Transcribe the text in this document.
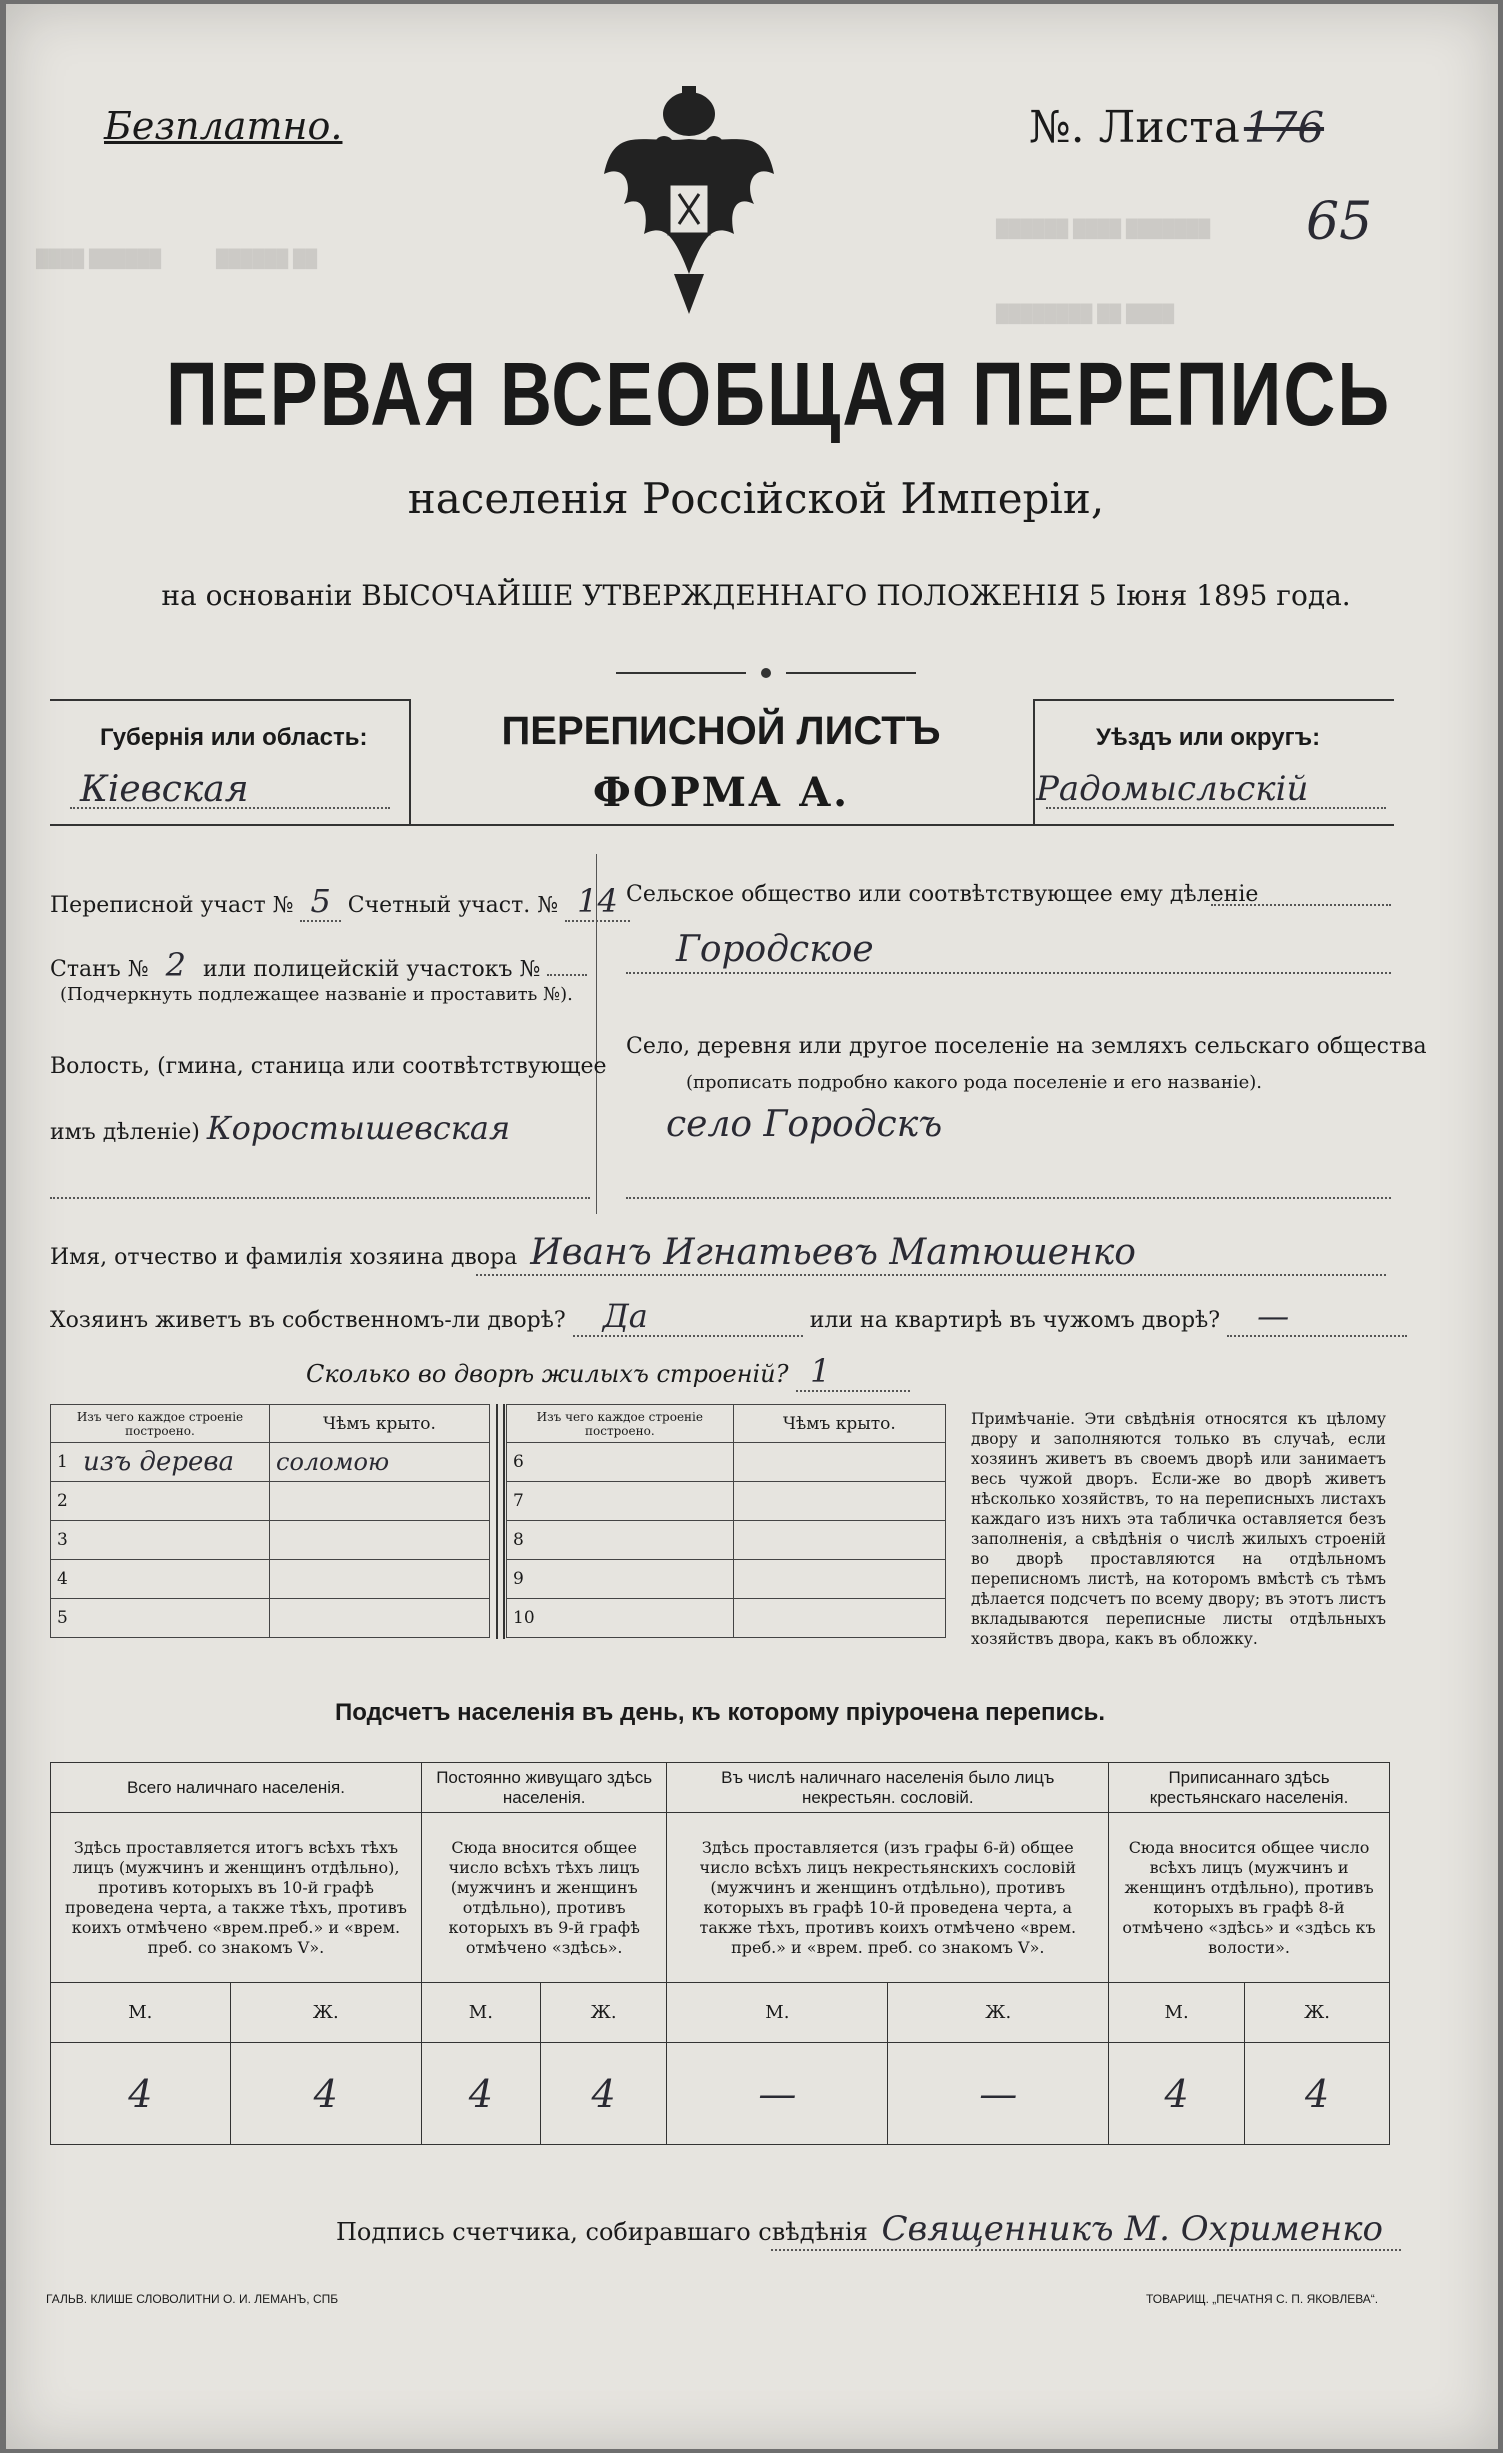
███████ ████ ██████
████ ██ ████████
██████ ████	██ ██████
Безплатно.	№. Листа176
65
ПЕРВАЯ ВСЕОБЩАЯ ПЕРЕПИСЬ
населенія Россійской Имперіи,
на основаніи ВЫСОЧАЙШЕ УТВЕРЖДЕННАГО ПОЛОЖЕНІЯ 5 Іюня 1895 года.
Губернія или область:
Кіевская
ПЕРЕПИСНОЙ ЛИСТЪ
ФОРМА А.
Уѣздъ или округъ:
Радомысльскій
Переписной участ № 5 Счетный участ. № 14
Станъ № 2 или полицейскій участокъ №
(Подчеркнуть подлежащее названіе и проставить №).
Волость, (гмина, станица или соотвѣтствующее
имъ дѣленіе) Коростышевская
Сельское общество или соотвѣтствующее ему дѣленіе
Городское
Село, деревня или другое поселеніе на земляхъ сельскаго общества
(прописать подробно какого рода поселеніе и его названіе).
село Городскъ
Имя, отчество и фамилія хозяина двора Иванъ Игнатьевъ Матюшенко
Хозяинъ живетъ въ собственномъ-ли дворѣ? Да	или на квартирѣ въ чужомъ дворѣ? —
Сколько во дворѣ жилыхъ строеній? 1
Изъ чего каждое строеніе построено.		Чѣмъ крыто.
1	изъ дерева	соломою
2		
3		
4		
5		
Изъ чего каждое строеніе построено.		Чѣмъ крыто.
6		
7		
8		
9		
10		
Примѣчаніе. Эти свѣдѣнія относятся къ цѣлому двору и заполняются только въ случаѣ, если хозяинъ живетъ въ своемъ дворѣ или занимаетъ весь чужой дворъ. Если-же во дворѣ живетъ нѣсколько хозяйствъ, то на переписныхъ листахъ каждаго изъ нихъ эта табличка оставляется безъ заполненія, а свѣдѣнія о числѣ жилыхъ строеній во дворѣ проставляются на отдѣльномъ переписномъ листѣ, на которомъ вмѣстѣ съ тѣмъ дѣлается подсчетъ по всему двору; въ этотъ листъ вкладываются переписные листы отдѣльныхъ хозяйствъ двора, какъ въ обложку.
Подсчетъ населенія въ день, къ которому пріурочена перепись.
Всего наличнаго населенія.		Постоянно живущаго здѣсь населенія.		Въ числѣ наличнаго населенія было лицъ некрестьян. сословій.		Приписаннаго здѣсь крестьянскаго населенія.	
Здѣсь проставляется итогъ всѣхъ тѣхъ лицъ (мужчинъ и женщинъ отдѣльно), противъ которыхъ въ 10-й графѣ проведена черта, а также тѣхъ, противъ коихъ отмѣчено «врем.преб.» и «врем. преб. со знакомъ V».		Сюда вносится общее число всѣхъ тѣхъ лицъ (мужчинъ и женщинъ отдѣльно), противъ которыхъ въ 9-й графѣ отмѣчено «здѣсь».		Здѣсь проставляется (изъ графы 6-й) общее число всѣхъ лицъ некрестьянскихъ сословій (мужчинъ и женщинъ отдѣльно), противъ которыхъ въ графѣ 10-й проведена черта, а также тѣхъ, противъ коихъ отмѣчено «врем. преб.» и «врем. преб. со знакомъ V».		Сюда вносится общее число всѣхъ лицъ (мужчинъ и женщинъ отдѣльно), противъ которыхъ въ графѣ 8-й отмѣчено «здѣсь» и «здѣсь къ волости».	
М.	Ж.	М.	Ж.	М.	Ж.	М.	Ж.
4	4	4	4	—	—	4	4
Подпись счетчика, собиравшаго свѣдѣнія Священникъ М. Охрименко
ГАЛЬВ. КЛИШЕ СЛОВОЛИТНИ О. И. ЛЕМАНЪ, СПБ	ТОВАРИЩ. „ПЕЧАТНЯ С. П. ЯКОВЛЕВА“.
